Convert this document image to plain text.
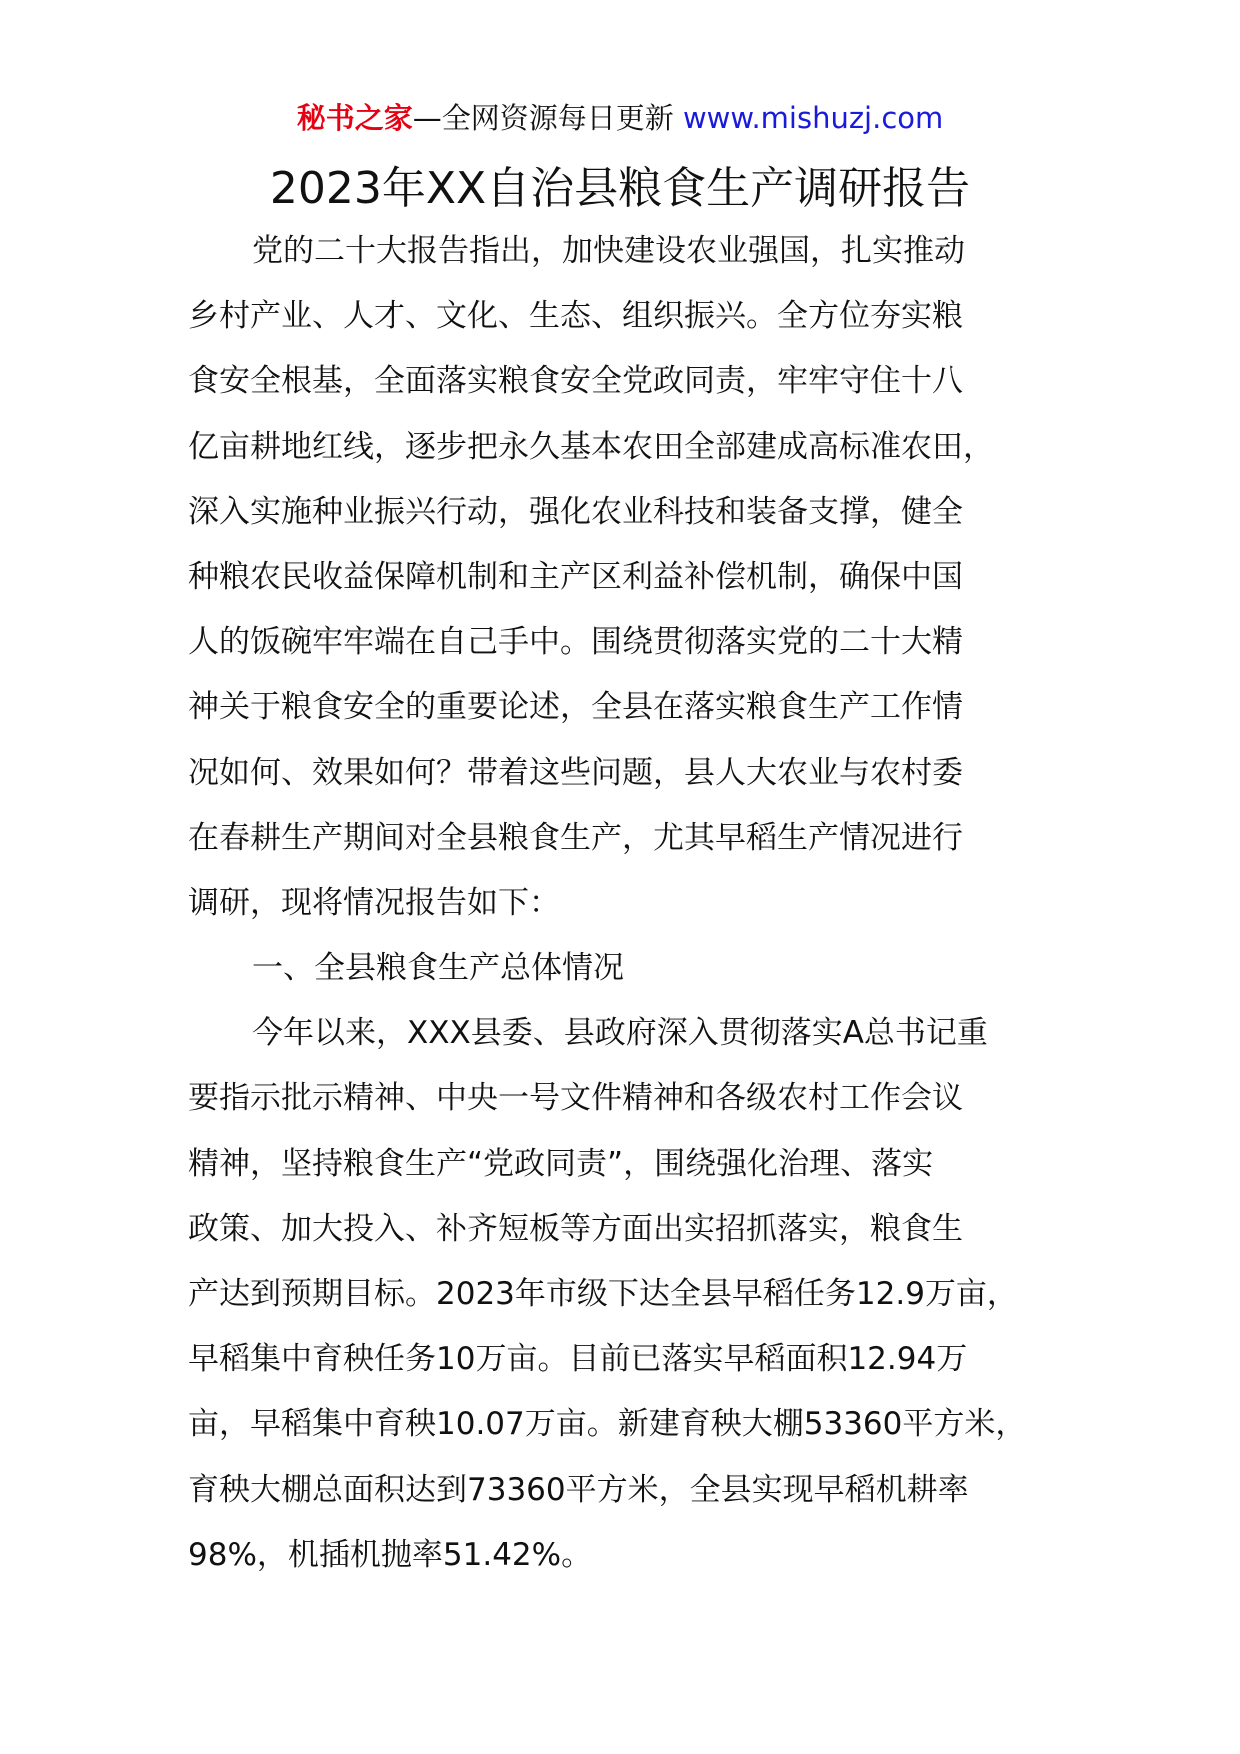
秘书之家—全网资源每日更新 www.mishuzj.com
2023年XX自治县粮食生产调研报告
党的二十大报告指出，加快建设农业强国，扎实推动
乡村产业、人才、文化、生态、组织振兴。全方位夯实粮
食安全根基，全面落实粮食安全党政同责，牢牢守住十八
亿亩耕地红线，逐步把永久基本农田全部建成高标准农田，
深入实施种业振兴行动，强化农业科技和装备支撑，健全
种粮农民收益保障机制和主产区利益补偿机制，确保中国
人的饭碗牢牢端在自己手中。围绕贯彻落实党的二十大精
神关于粮食安全的重要论述，全县在落实粮食生产工作情
况如何、效果如何？带着这些问题，县人大农业与农村委
在春耕生产期间对全县粮食生产，尤其早稻生产情况进行
调研，现将情况报告如下：
一、全县粮食生产总体情况
今年以来，XXX县委、县政府深入贯彻落实A总书记重
要指示批示精神、中央一号文件精神和各级农村工作会议
精神，坚持粮食生产“党政同责”，围绕强化治理、落实
政策、加大投入、补齐短板等方面出实招抓落实，粮食生
产达到预期目标。2023年市级下达全县早稻任务12.9万亩，
早稻集中育秧任务10万亩。目前已落实早稻面积12.94万
亩，早稻集中育秧10.07万亩。新建育秧大棚53360平方米，
育秧大棚总面积达到73360平方米，全县实现早稻机耕率
98%，机插机抛率51.42%。
